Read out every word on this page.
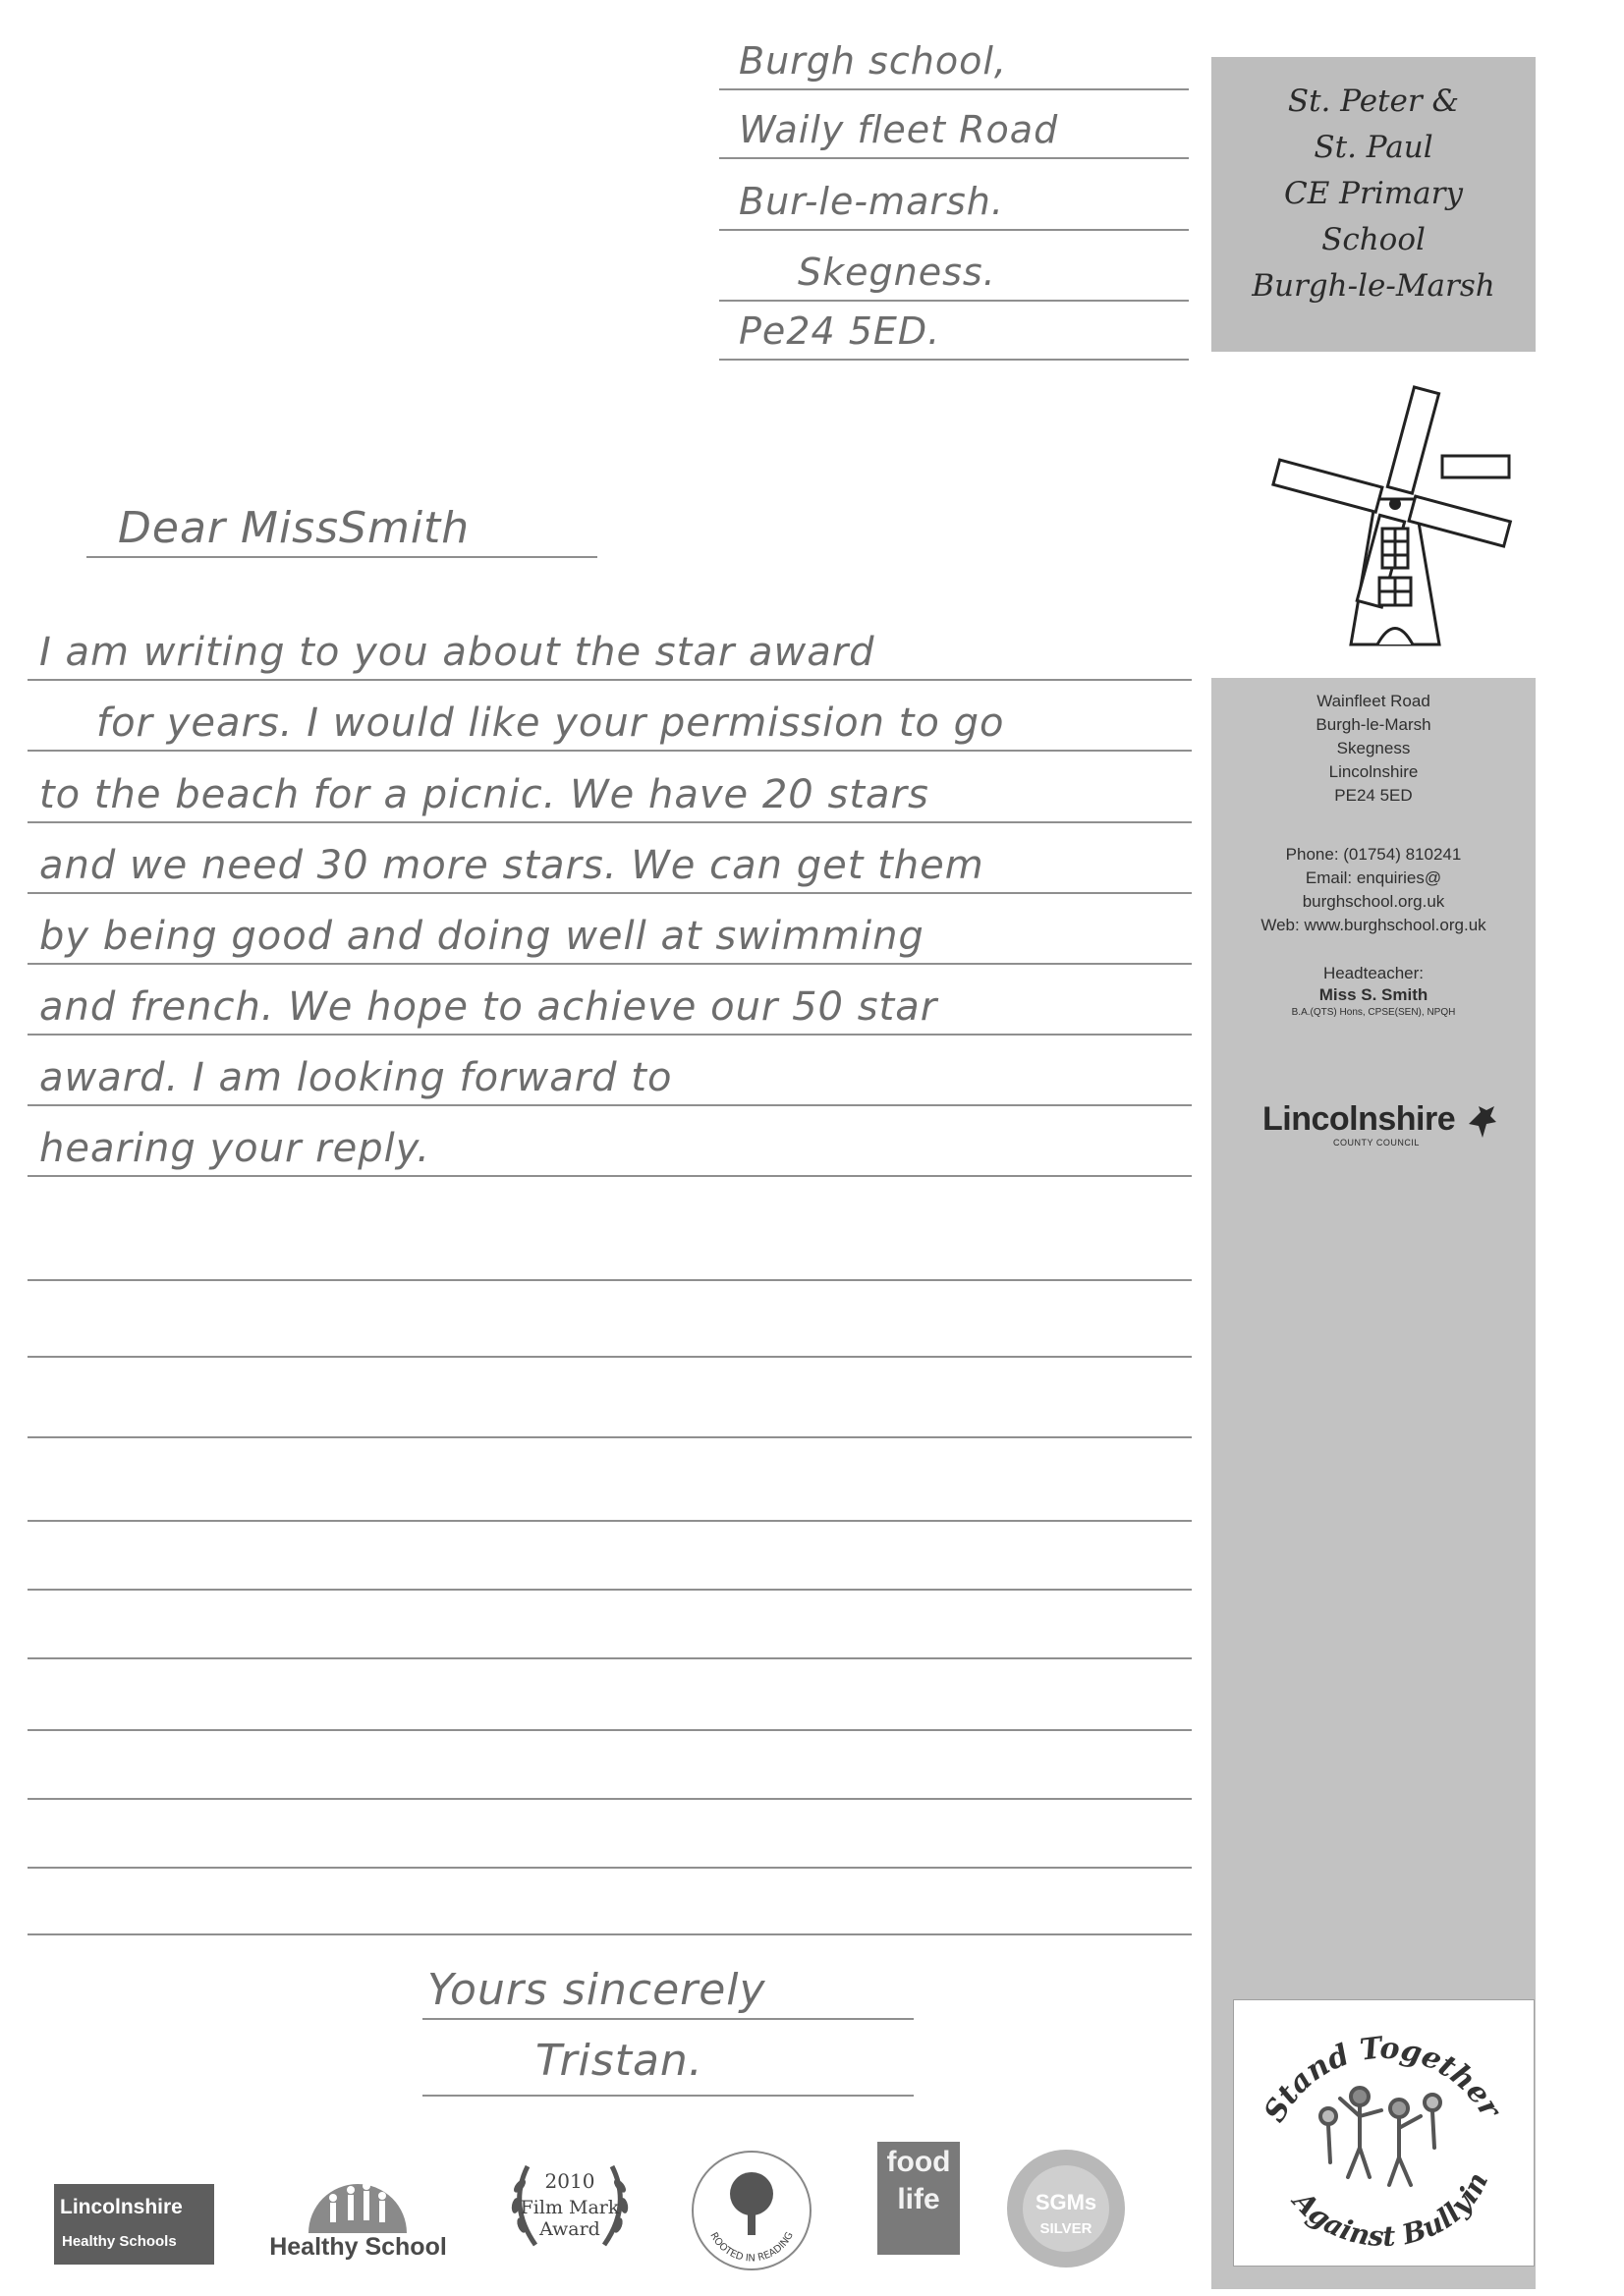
Burgh school,
Waily fleet Road
Bur-le-marsh.
Skegness.
Pe24 5ED.
Dear MissSmith
I am writing to you about the star award
for years. I would like your permission to go
to the beach for a picnic. We have 20 stars
and we need 30 more stars. We can get them
by being good and doing well at swimming
and french. We hope to achieve our 50 star
award. I am looking forward to
hearing your reply.
Yours sincerely
Tristan.
St. Peter &
St. Paul
CE Primary
School
Burgh-le-Marsh
Wainfleet Road
Burgh-le-Marsh
Skegness
Lincolnshire
PE24 5ED
Phone: (01754) 810241
Email: enquiries@
burghschool.org.uk
Web: www.burghschool.org.uk
Headteacher:
Miss S. Smith
B.A.(QTS) Hons, CPSE(SEN), NPQH
Lincolnshire
COUNTY COUNCIL
Stand Together
Against Bullyin
Lincolnshire
Healthy Schools	Healthy School
2010
Film Mark
Award	ROOTED IN READING
food
life	SGMs
SILVER
